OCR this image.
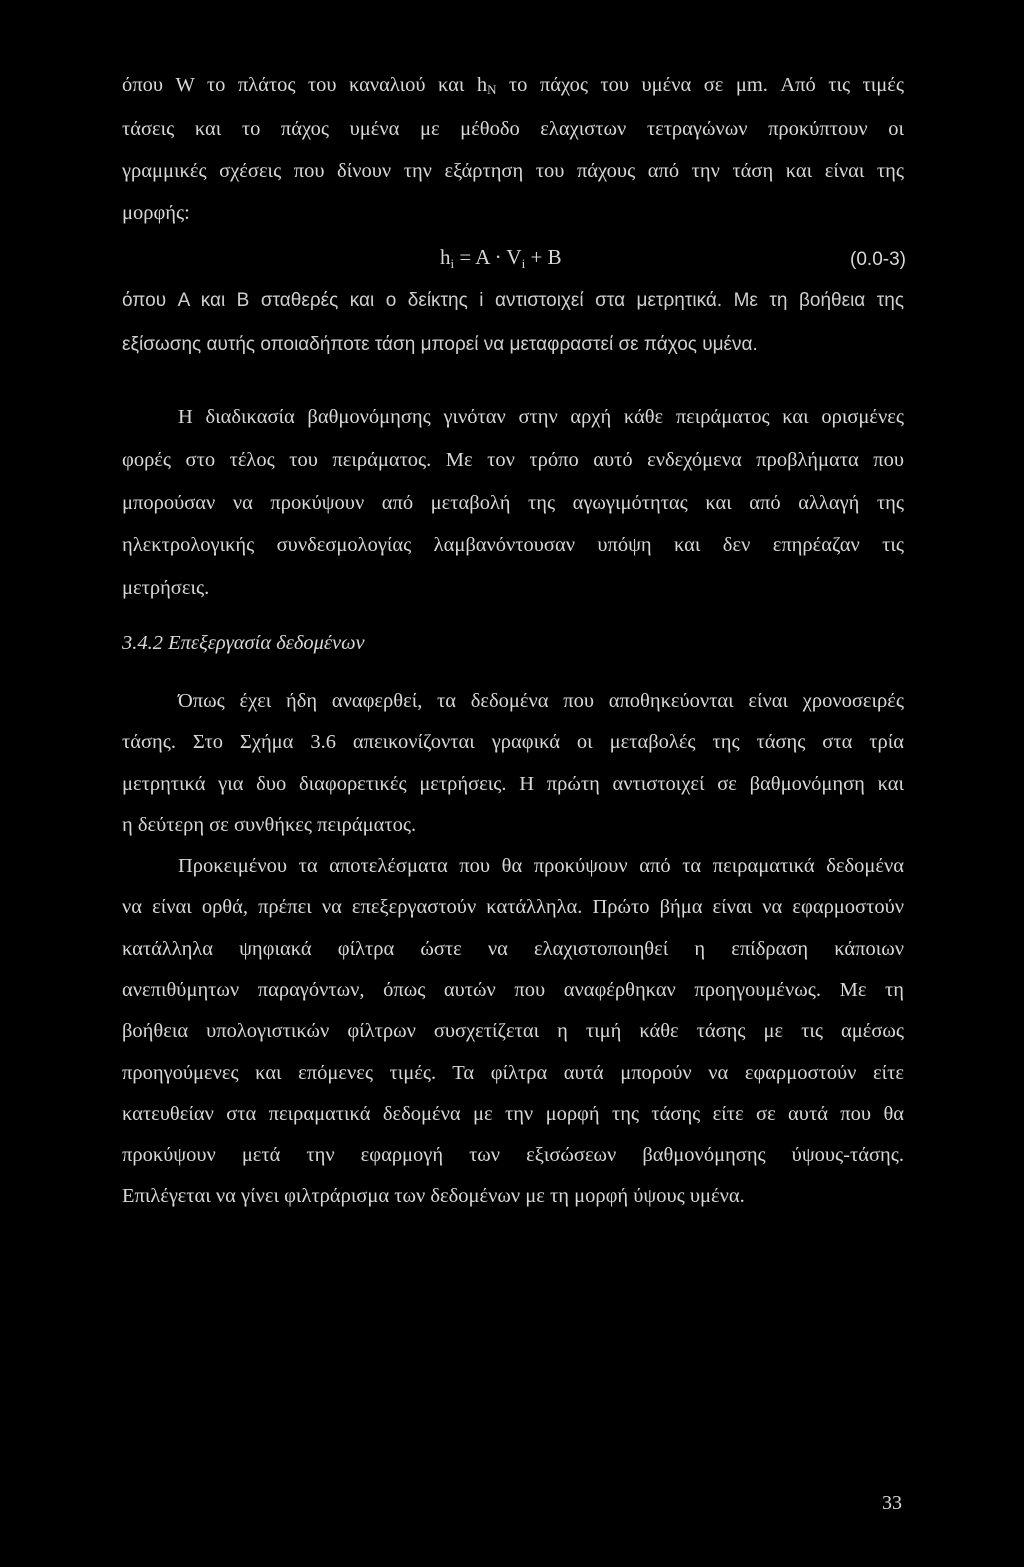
όπου W το πλάτος του καναλιού και $h_N$ το πάχος του υμένα σε μm. Από τις τιμές
τάσεις και το πάχος υμένα με μέθοδο ελαχιστων τετραγώνων προκύπτουν οι
γραμμικές σχέσεις που δίνουν την εξάρτηση του πάχους από την τάση και είναι της
μορφής:
$h_i = A \cdot V_i + B$	(0.0-3)
όπου A και B σταθερές και ο δείκτης i αντιστοιχεί στα μετρητικά. Με τη βοήθεια της
εξίσωσης αυτής οποιαδήποτε τάση μπορεί να μεταφραστεί σε πάχος υμένα.
Η διαδικασία βαθμονόμησης γινόταν στην αρχή κάθε πειράματος και ορισμένες
φορές στο τέλος του πειράματος. Με τον τρόπο αυτό ενδεχόμενα προβλήματα που
μπορούσαν να προκύψουν από μεταβολή της αγωγιμότητας και από αλλαγή της
ηλεκτρολογικής συνδεσμολογίας λαμβανόντουσαν υπόψη και δεν επηρέαζαν τις
μετρήσεις.
3.4.2 Επεξεργασία δεδομένων
Όπως έχει ήδη αναφερθεί, τα δεδομένα που αποθηκεύονται είναι χρονοσειρές
τάσης. Στο Σχήμα 3.6 απεικονίζονται γραφικά οι μεταβολές της τάσης στα τρία
μετρητικά για δυο διαφορετικές μετρήσεις. Η πρώτη αντιστοιχεί σε βαθμονόμηση και
η δεύτερη σε συνθήκες πειράματος.
Προκειμένου τα αποτελέσματα που θα προκύψουν από τα πειραματικά δεδομένα
να είναι ορθά, πρέπει να επεξεργαστούν κατάλληλα. Πρώτο βήμα είναι να εφαρμοστούν
κατάλληλα ψηφιακά φίλτρα ώστε να ελαχιστοποιηθεί η επίδραση κάποιων
ανεπιθύμητων παραγόντων, όπως αυτών που αναφέρθηκαν προηγουμένως. Με τη
βοήθεια υπολογιστικών φίλτρων συσχετίζεται η τιμή κάθε τάσης με τις αμέσως
προηγούμενες και επόμενες τιμές. Τα φίλτρα αυτά μπορούν να εφαρμοστούν είτε
κατευθείαν στα πειραματικά δεδομένα με την μορφή της τάσης είτε σε αυτά που θα
προκύψουν μετά την εφαρμογή των εξισώσεων βαθμονόμησης ύψους-τάσης.
Επιλέγεται να γίνει φιλτράρισμα των δεδομένων με τη μορφή ύψους υμένα.
33
